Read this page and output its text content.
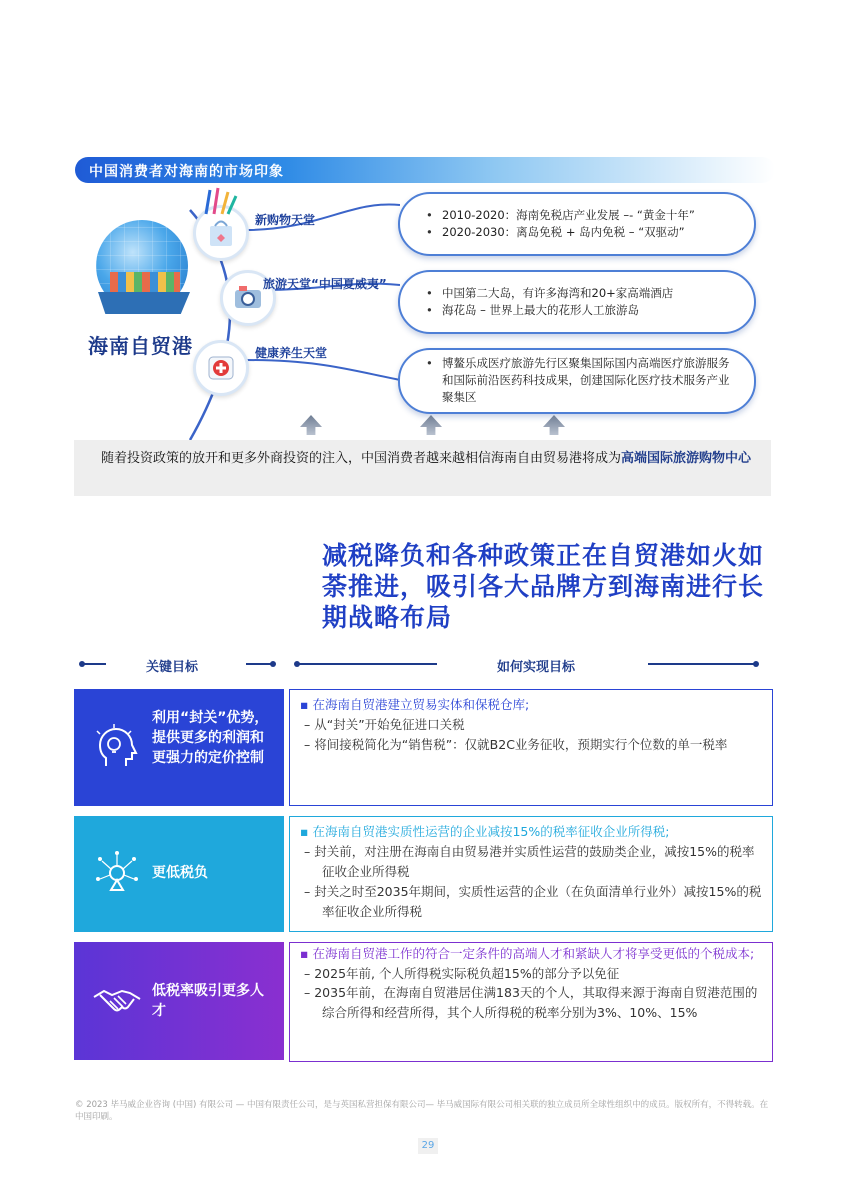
中国消费者对海南的市场印象
海南自贸港
新购物天堂
旅游天堂“中国夏威夷”
健康养生天堂
• 2010-2020：海南免税店产业发展 –- “黄金十年”
• 2020-2030：离岛免税 + 岛内免税 – “双驱动”
• 中国第二大岛，有许多海湾和20+家高端酒店
• 海花岛 – 世界上最大的花形人工旅游岛
• 博鳌乐成医疗旅游先行区聚集国际国内高端医疗旅游服务和国际前沿医药科技成果，创建国际化医疗技术服务产业聚集区

随着投资政策的放开和更多外商投资的注入，中国消费者越来越相信海南自由贸易港将成为高端国际旅游购物中心

减税降负和各种政策正在自贸港如火如荼推进，吸引各大品牌方到海南进行长期战略布局
关键目标	如何实现目标
利用“封关”优势，提供更多的利润和更强力的定价控制
▪ 在海南自贸港建立贸易实体和保税仓库;
– 从“封关”开始免征进口关税
– 将间接税简化为“销售税”：仅就B2C业务征收，预期实行个位数的单一税率
更低税负
▪ 在海南自贸港实质性运营的企业减按15%的税率征收企业所得税;
– 封关前，对注册在海南自由贸易港并实质性运营的鼓励类企业，减按15%的税率征收企业所得税
– 封关之时至2035年期间，实质性运营的企业（在负面清单行业外）减按15%的税率征收企业所得税
低税率吸引更多人才
▪ 在海南自贸港工作的符合一定条件的高端人才和紧缺人才将享受更低的个税成本;
– 2025年前, 个人所得税实际税负超15%的部分予以免征
– 2035年前，在海南自贸港居住满183天的个人，其取得来源于海南自贸港范围的综合所得和经营所得，其个人所得税的税率分别为3%、10%、15%
© 2023 毕马威企业咨询 (中国) 有限公司 — 中国有限责任公司，是与英国私营担保有限公司— 毕马威国际有限公司相关联的独立成员所全球性组织中的成员。版权所有，不得转载。在中国印刷。
29
